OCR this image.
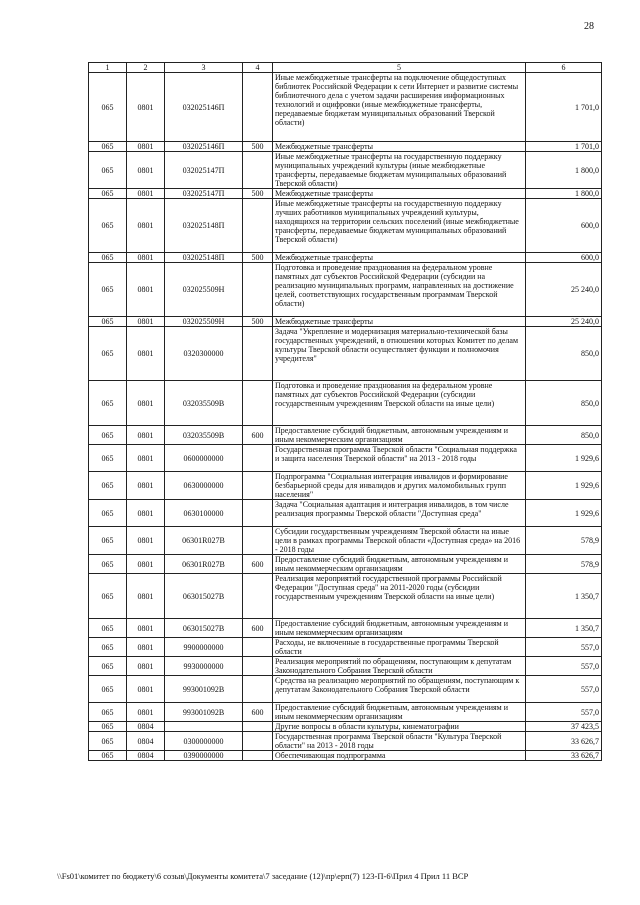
28
1	2	3	4	5	6
065	0801	032025146П		Иные межбюджетные трансферты на подключение общедоступных библиотек Российской Федерации к сети Интернет и развитие системы библиотечного дела с учетом задачи расширения информационных технологий и оцифровки (иные межбюджетные трансферты, передаваемые бюджетам муниципальных образований Тверской области)	1 701,0
065	0801	032025146П	500	Межбюджетные трансферты	1 701,0
065	0801	032025147П		Иные межбюджетные трансферты на государственную поддержку муниципальных учреждений культуры (иные межбюджетные трансферты, передаваемые бюджетам муниципальных образований Тверской области)	1 800,0
065	0801	032025147П	500	Межбюджетные трансферты	1 800,0
065	0801	032025148П		Иные межбюджетные трансферты на государственную поддержку лучших работников муниципальных учреждений культуры, находящихся на территории сельских поселений (иные межбюджетные трансферты, передаваемые бюджетам муниципальных образований Тверской области)	600,0
065	0801	032025148П	500	Межбюджетные трансферты	600,0
065	0801	032025509Н		Подготовка и проведение празднования на федеральном уровне памятных дат субъектов Российской Федерации (субсидии на реализацию муниципальных программ, направленных на достижение целей, соответствующих государственным программам Тверской области)	25 240,0
065	0801	032025509Н	500	Межбюджетные трансферты	25 240,0
065	0801	0320300000		Задача "Укрепление и модернизация материально-технической базы государственных учреждений, в отношении которых Комитет по делам культуры Тверской области осуществляет функции и полномочия учредителя"	850,0
065	0801	032035509В		Подготовка и проведение празднования на федеральном уровне памятных дат субъектов Российской Федерации (субсидии государственным учреждениям Тверской области на иные цели)	850,0
065	0801	032035509В	600	Предоставление субсидий бюджетным, автономным учреждениям и иным некоммерческим организациям	850,0
065	0801	0600000000		Государственная программа Тверской области "Социальная поддержка и защита населения Тверской области" на 2013 - 2018 годы	1 929,6
065	0801	0630000000		Подпрограмма "Социальная интеграция инвалидов и формирование безбарьерной среды для инвалидов и других маломобильных групп населения"	1 929,6
065	0801	0630100000		Задача "Социальная адаптация и интеграция инвалидов, в том числе реализация программы Тверской области "Доступная среда"	1 929,6
065	0801	06301R027В		Субсидии государственным учреждениям Тверской области на иные цели в рамках программы Тверской области «Доступная среда» на 2016 - 2018 годы	578,9
065	0801	06301R027В	600	Предоставление субсидий бюджетным, автономным учреждениям и иным некоммерческим организациям	578,9
065	0801	063015027В		Реализация мероприятий государственной программы Российской Федерации "Доступная среда" на 2011-2020 годы (субсидии государственным учреждениям Тверской области на иные цели)	1 350,7
065	0801	063015027В	600	Предоставление субсидий бюджетным, автономным учреждениям и иным некоммерческим организациям	1 350,7
065	0801	9900000000		Расходы, не включенные в государственные программы Тверской области	557,0
065	0801	9930000000		Реализация мероприятий по обращениям, поступающим к депутатам Законодательного Собрания Тверской области	557,0
065	0801	993001092В		Средства на реализацию мероприятий по обращениям, поступающим к депутатам Законодательного Собрания Тверской области	557,0
065	0801	993001092В	600	Предоставление субсидий бюджетным, автономным учреждениям и иным некоммерческим организациям	557,0
065	0804			Другие вопросы в области культуры, кинематографии	37 423,5
065	0804	0300000000		Государственная программа Тверской области "Культура Тверской области" на 2013 - 2018 годы	33 626,7
065	0804	0390000000		Обеспечивающая подпрограмма	33 626,7
\\Fs01\комитет по бюджету\6 созыв\Документы комитета\7 заседание (12)\пр\ерп(7) 123-П-6\Прил 4 Прил 11 ВСР
